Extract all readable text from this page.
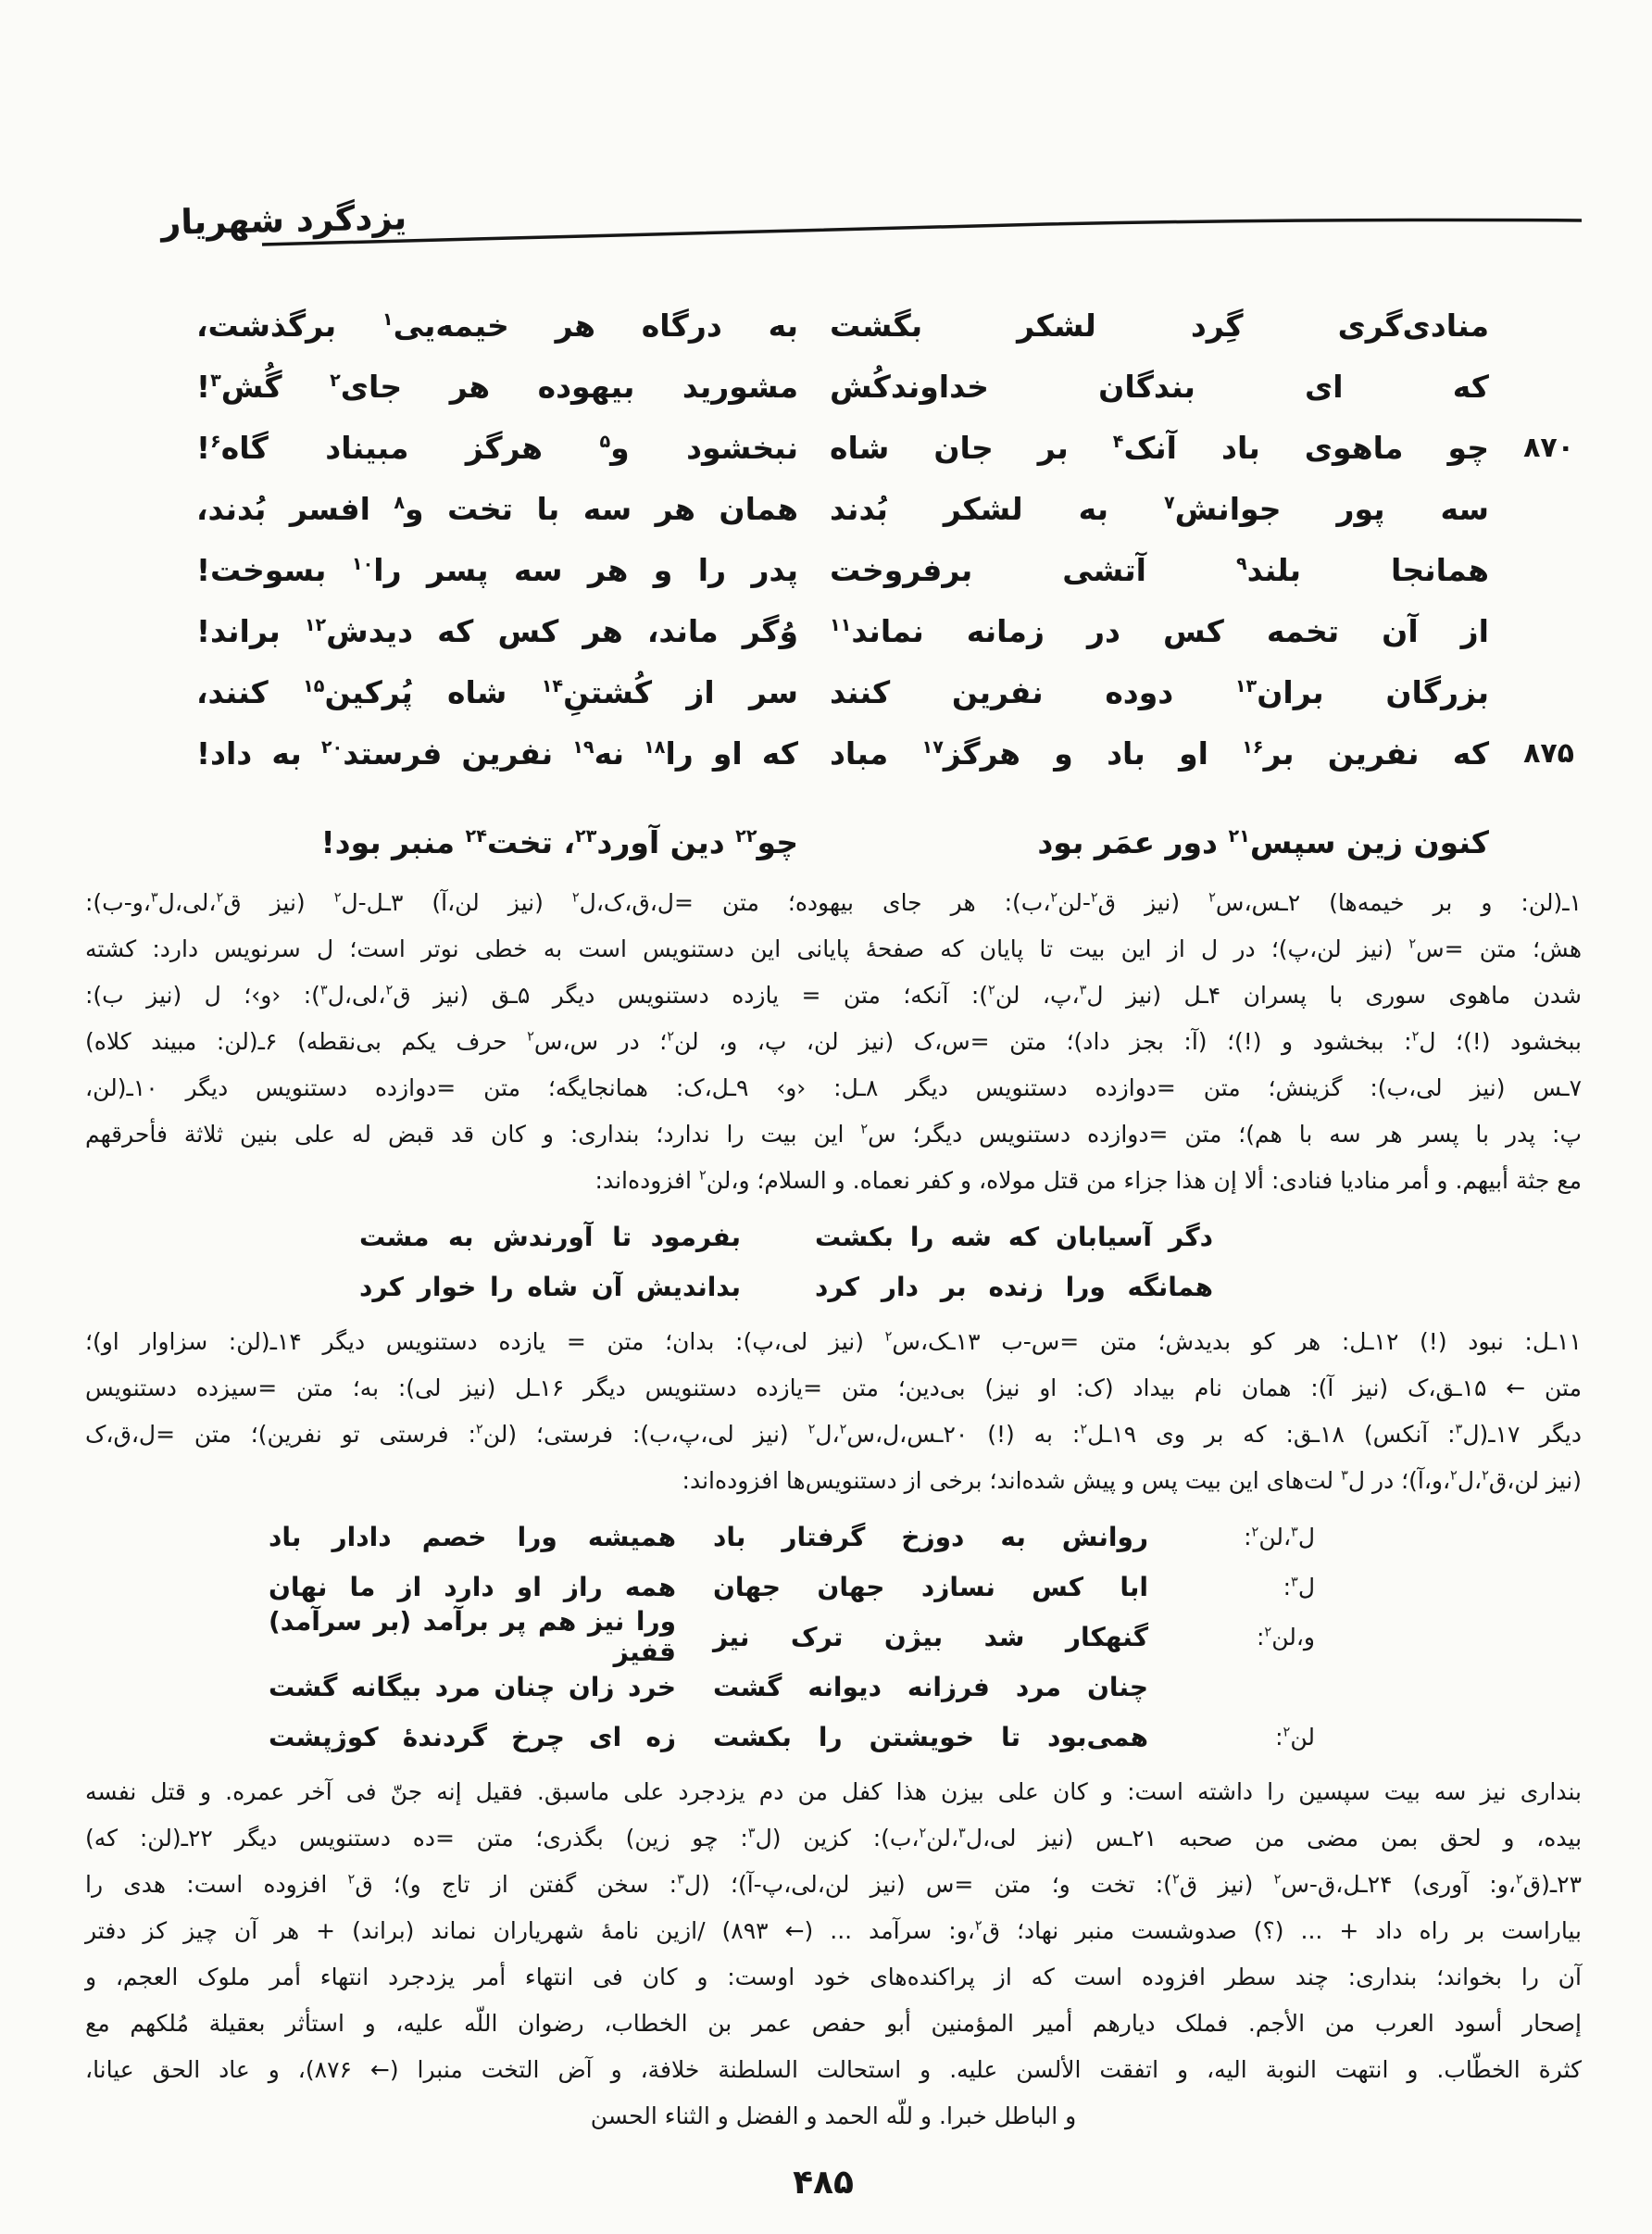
یزدگرد شهریار
منادی‌گری گِرد لشکر بگشت
به درگاه هر خیمه‌یی$^۱$ برگذشت،
که ای بندگان خداوندکُش
مشورید بیهوده هر جای$^۲$ گُش$^۳$!
۸۷۰
چو ماهوی باد آنک$^۴$ بر جان شاه
نبخشود و$^۵$ هرگز مبیناد گاه$^۶$!
سه پور جوانش$^۷$ به لشکر بُدند
همان هر سه با تخت و$^۸$ افسر بُدند،
همانجا بلند$^۹$ آتشی برفروخت
پدر را و هر سه پسر را$^{۱۰}$ بسوخت!
از آن تخمه کس در زمانه نماند$^{۱۱}$
وُگر ماند، هر کس که دیدش$^{۱۲}$ براند!
بزرگان بران$^{۱۳}$ دوده نفرین کنند
سر از کُشتنِ$^{۱۴}$ شاه پُرکین$^{۱۵}$ کنند،
۸۷۵
که نفرین بر$^{۱۶}$ او باد و هرگز$^{۱۷}$ مباد
که او را$^{۱۸}$ نه$^{۱۹}$ نفرین فرستد$^{۲۰}$ به داد!
کنون زین سپس$^{۲۱}$ دور عمَر بود
چو$^{۲۲}$ دین آورد$^{۲۳}$، تخت$^{۲۴}$ منبر بود!
۱ـ(لن: و بر خیمه‌ها) ۲ـس،س$^۲$ (نیز ق$^۲$-لن$^۲$،ب): هر جای بیهوده؛ متن =ل،ق،ک،ل$^۲$ (نیز لن،آ) ۳ـل-ل$^۲$ (نیز ق$^۲$،لی،ل$^۳$،و-ب):
هش؛ متن =س$^۲$ (نیز لن،پ)؛ در ل از این بیت تا پایان که صفحۀ پایانی این دستنویس است به خطی نوتر است؛ ل سرنویس دارد: کشته
شدن ماهوی سوری با پسران ۴ـل (نیز ل$^۳$،پ، لن$^۲$): آنکه؛ متن = یازده دستنویس دیگر ۵ـق (نیز ق$^۲$،لی،ل$^۳$): ‹و›؛ ل (نیز ب):
ببخشود (!)؛ ل$^۲$: ببخشود و (!)؛ (آ: بجز داد)؛ متن =س،ک (نیز لن، پ، و، لن$^۲$؛ در س،س$^۲$ حرف یکم بی‌نقطه) ۶ـ(لن: مبیند کلاه)
۷ـس (نیز لی،ب): گزینش؛ متن =دوازده دستنویس دیگر ۸ـل: ‹و› ۹ـل،ک: همانجایگه؛ متن =دوازده دستنویس دیگر ۱۰ـ(لن،
پ: پدر با پسر هر سه با هم)؛ متن =دوازده دستنویس دیگر؛ س$^۲$ این بیت را ندارد؛ بنداری: و کان قد قبض له علی بنین ثلاثة فأحرقهم
مع جثة أبیهم. و أمر منادیا فنادی: ألا إن هذا جزاء من قتل مولاه، و کفر نعماه. و السلام؛ و،لن$^۲$ افزوده‌اند:
دگر آسیابان که شه را بکشت
بفرمود تا آورندش به مشت
همانگه ورا زنده بر دار کرد
بداندیش آن شاه را خوار کرد
۱۱ـل: نبود (!) ۱۲ـل: هر کو بدیدش؛ متن =س-ب ۱۳ـک،س$^۲$ (نیز لی،پ): بدان؛ متن = یازده دستنویس دیگر ۱۴ـ(لن: سزاوار او)؛
متن ← ۱۵ـق،ک (نیز آ): همان نام بیداد (ک: او نیز) بی‌دین؛ متن =یازده دستنویس دیگر ۱۶ـل (نیز لی): به؛ متن =سیزده دستنویس
دیگر ۱۷ـ(ل$^۳$: آنکس) ۱۸ـق: که بر وی ۱۹ـل$^۲$: به (!) ۲۰ـس،ل،س$^۲$،ل$^۲$ (نیز لی،پ،ب): فرستی؛ (لن$^۲$: فرستی تو نفرین)؛ متن =ل،ق،ک
(نیز لن،ق$^۲$،ل$^۲$،و،آ)؛ در ل$^۳$ لت‌های این بیت پس و پیش شده‌اند؛ برخی از دستنویس‌ها افزوده‌اند:
ل$^۳$،لن$^۲$:
روانش به دوزخ گرفتار باد
همیشه ورا خصم دادار باد
ل$^۳$:
ابا کس نسازد جهان جهان
همه راز او دارد از ما نهان
و،لن$^۲$:
گنهکار شد بیژن ترک نیز
ورا نیز هم پر برآمد (بر سرآمد) قفیز
چنان مرد فرزانه دیوانه گشت
خرد زان چنان مرد بیگانه گشت
لن$^۲$:
همی‌بود تا خویشتن را بکشت
زه ای چرخ گردندۀ کوژپشت
بنداری نیز سه بیت سپسین را داشته است: و کان علی بیزن هذا کفل من دم یزدجرد علی ماسبق. فقیل إنه جنّ فی آخر عمره. و قتل نفسه
بیده، و لحق بمن مضی من صحبه ۲۱ـس (نیز لی،ل$^۳$،لن$^۲$،ب): کزین (ل$^۳$: چو زین) بگذری؛ متن =ده دستنویس دیگر ۲۲ـ(لن: که)
۲۳ـ(ق$^۲$،و: آوری) ۲۴ـل،ق-س$^۲$ (نیز ق$^۲$): تخت و؛ متن =س (نیز لن،لی،پ-آ)؛ (ل$^۳$: سخن گفتن از تاج و)؛ ق$^۲$ افزوده است: هدی را
بیاراست بر راه داد + ... (؟) صدوشست منبر نهاد؛ ق$^۲$،و: سرآمد ... (← ۸۹۳) /ازین نامۀ شهریاران نماند (براند) + هر آن چیز کز دفتر
آن را بخواند؛ بنداری: چند سطر افزوده است که از پراکنده‌های خود اوست: و کان فی انتهاء أمر یزدجرد انتهاء أمر ملوک العجم، و
إصحار أسود العرب من الأجم. فملک دیارهم أمیر المؤمنین أبو حفص عمر بن الخطاب، رضوان اللّه علیه، و استأثر بعقیلة مُلکهم مع
کثرة الخطّاب. و انتهت النوبة الیه، و اتفقت الألسن علیه. و استحالت السلطنة خلافة، و آض التخت منبرا (← ۸۷۶)، و عاد الحق عیانا،
و الباطل خبرا. و للّه الحمد و الفضل و الثناء الحسن
۴۸۵
